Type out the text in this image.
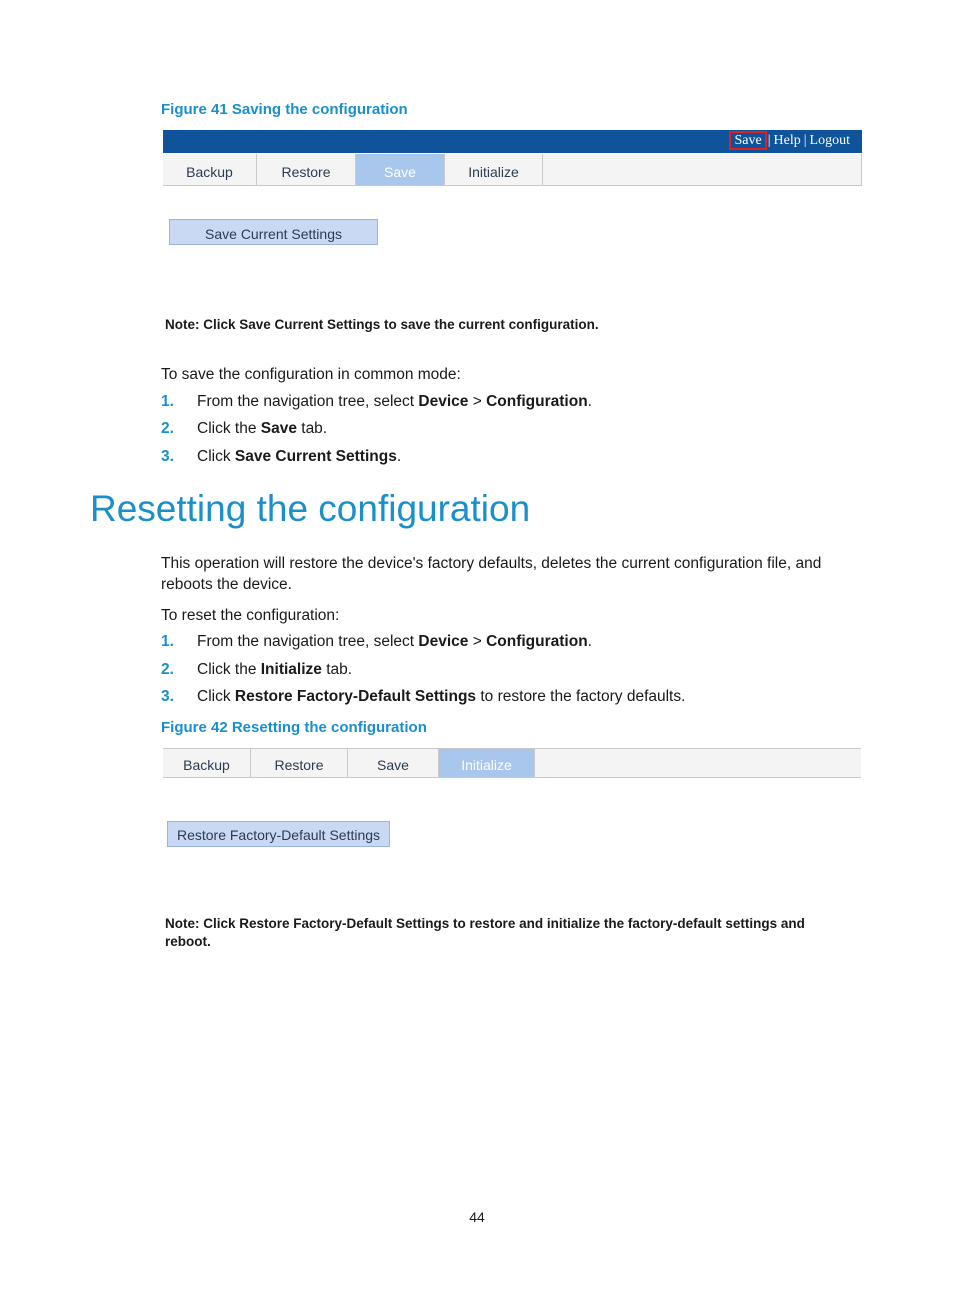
Figure 41 Saving the configuration
Save | Help | Logout
Backup	Restore	Save	Initialize
Save Current Settings
Note: Click Save Current Settings to save the current configuration.
To save the configuration in common mode:
1. From the navigation tree, select Device > Configuration.
2. Click the Save tab.
3. Click Save Current Settings.
Resetting the configuration
This operation will restore the device's factory defaults, deletes the current configuration file, and reboots the device.
To reset the configuration:
1. From the navigation tree, select Device > Configuration.
2. Click the Initialize tab.
3. Click Restore Factory-Default Settings to restore the factory defaults.
Figure 42 Resetting the configuration
Backup	Restore	Save	Initialize
Restore Factory-Default Settings
Note: Click Restore Factory-Default Settings to restore and initialize the factory-default settings and
reboot.
44
